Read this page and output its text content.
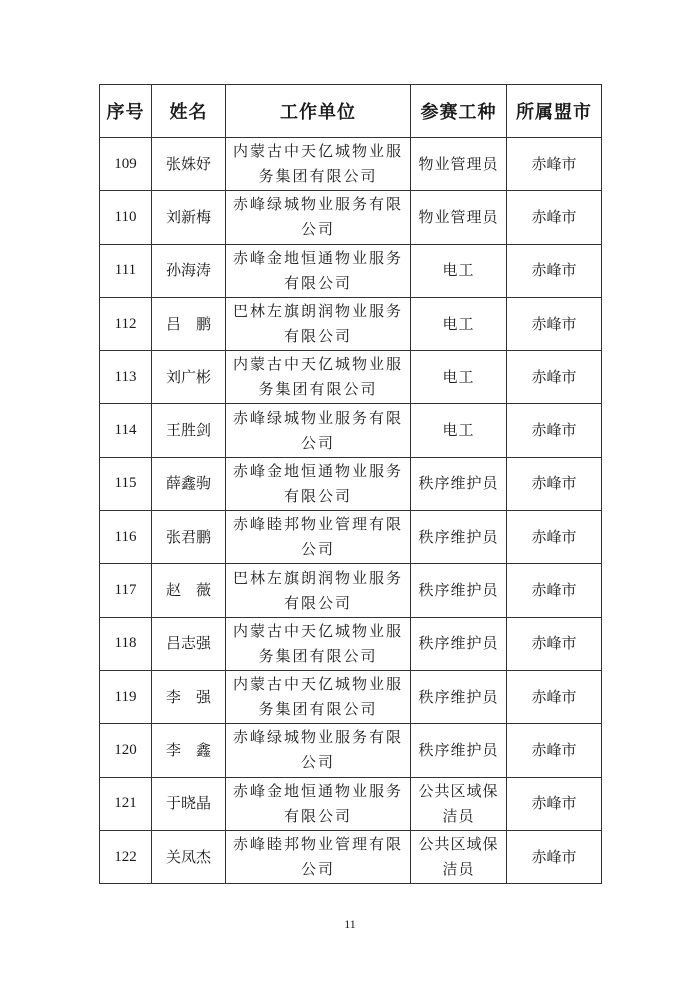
序号	姓名	工作单位	参赛工种	所属盟市
109	张姝妤	内蒙古中天亿城物业服务集团有限公司	物业管理员	赤峰市
110	刘新梅	赤峰绿城物业服务有限公司	物业管理员	赤峰市
111	孙海涛	赤峰金地恒通物业服务有限公司	电工	赤峰市
112	吕　鹏	巴林左旗朗润物业服务有限公司	电工	赤峰市
113	刘广彬	内蒙古中天亿城物业服务集团有限公司	电工	赤峰市
114	王胜剑	赤峰绿城物业服务有限公司	电工	赤峰市
115	薛鑫驹	赤峰金地恒通物业服务有限公司	秩序维护员	赤峰市
116	张君鹏	赤峰睦邦物业管理有限公司	秩序维护员	赤峰市
117	赵　薇	巴林左旗朗润物业服务有限公司	秩序维护员	赤峰市
118	吕志强	内蒙古中天亿城物业服务集团有限公司	秩序维护员	赤峰市
119	李　强	内蒙古中天亿城物业服务集团有限公司	秩序维护员	赤峰市
120	李　鑫	赤峰绿城物业服务有限公司	秩序维护员	赤峰市
121	于晓晶	赤峰金地恒通物业服务有限公司	公共区域保洁员	赤峰市
122	关凤杰	赤峰睦邦物业管理有限公司	公共区域保洁员	赤峰市
11
